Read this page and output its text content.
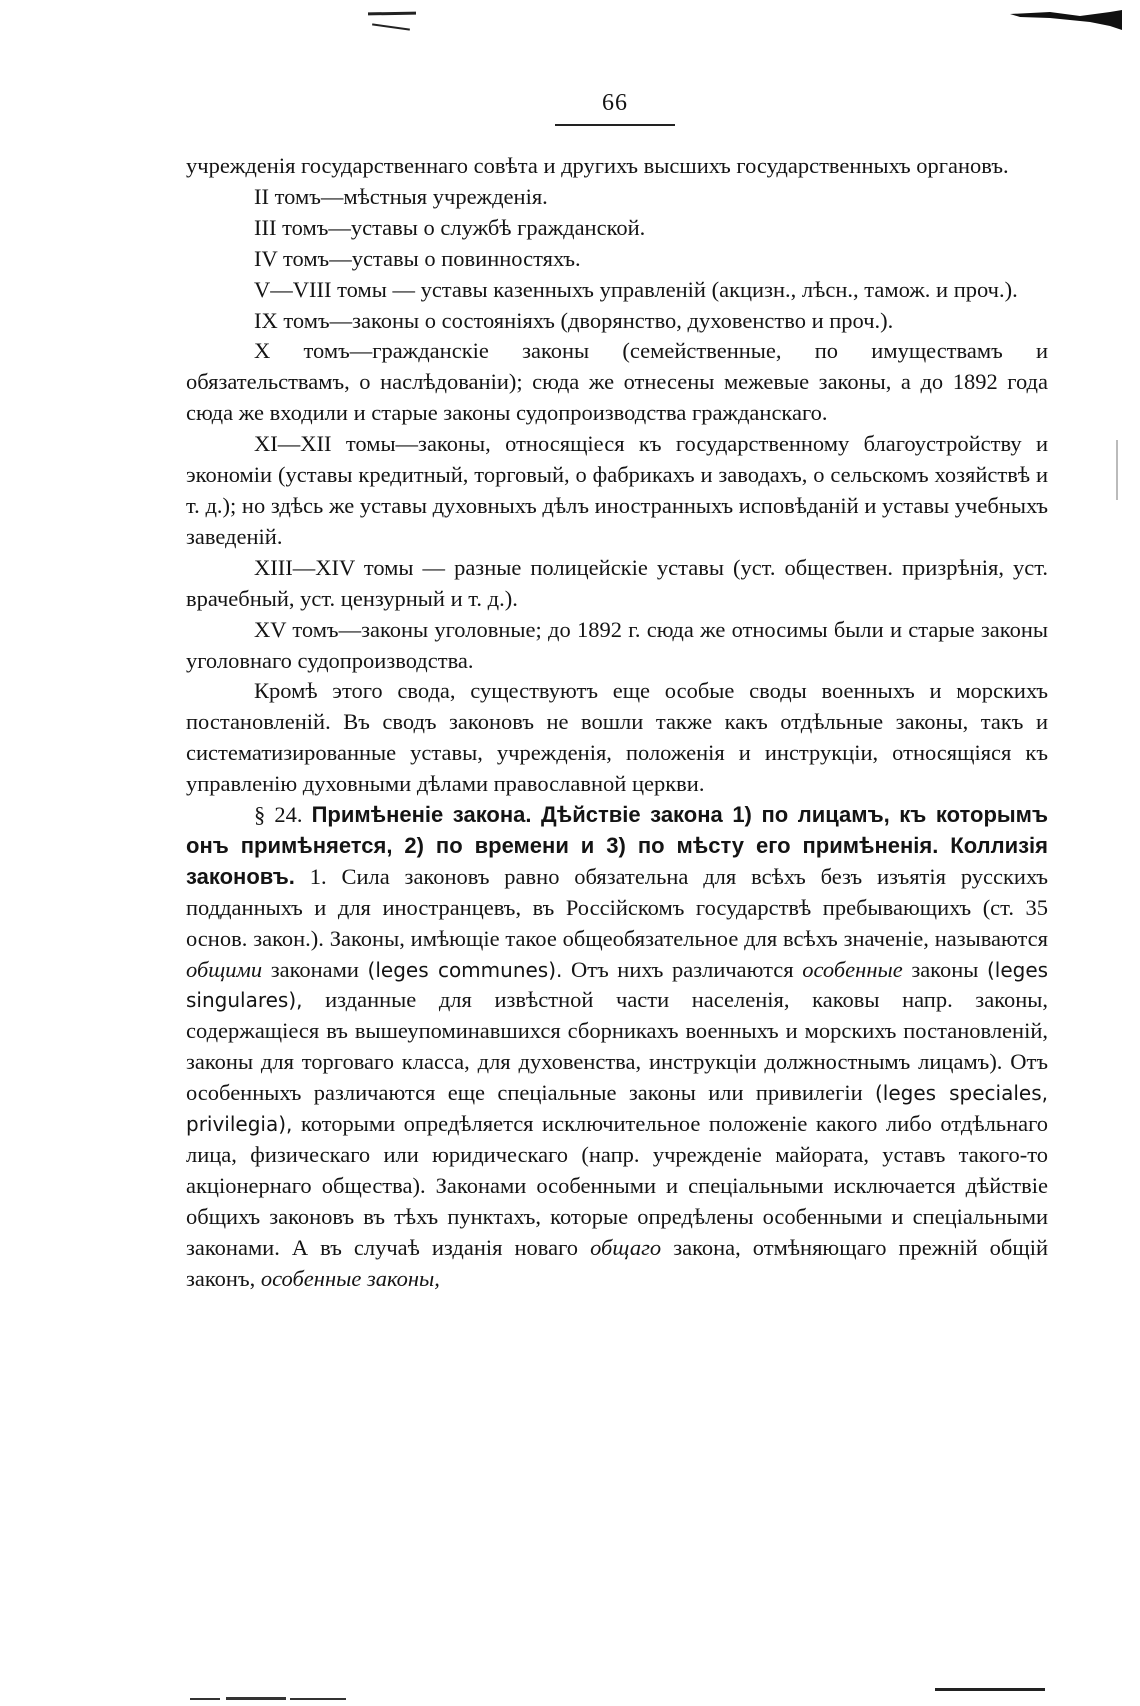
66

учрежденія государственнаго совѣта и другихъ высшихъ государственныхъ органовъ.

II томъ—мѣстныя учрежденія.

III томъ—уставы о службѣ гражданской.

IV томъ—уставы о повинностяхъ.

V—VIII томы — уставы казенныхъ управленій (акцизн., лѣсн., тамож. и проч.).

IX томъ—законы о состояніяхъ (дворянство, духовенство и проч.).

X томъ—гражданскіе законы (семейственные, по имуществамъ и обязательствамъ, о наслѣдованіи); сюда же отнесены межевые законы, а до 1892 года сюда же входили и старые законы судопроизводства гражданскаго.

XI—XII томы—законы, относящіеся къ государственному благоустройству и экономіи (уставы кредитный, торговый, о фабрикахъ и заводахъ, о сельскомъ хозяйствѣ и т. д.); но здѣсь же уставы духовныхъ дѣлъ иностранныхъ исповѣданій и уставы учебныхъ заведеній.

XIII—XIV томы — разные полицейскіе уставы (уст. обществен. призрѣнія, уст. врачебный, уст. цензурный и т. д.).

XV томъ—законы уголовные; до 1892 г. сюда же относимы были и старые законы уголовнаго судопроизводства.

Кромѣ этого свода, существуютъ еще особые своды военныхъ и морскихъ постановленій. Въ сводъ законовъ не вошли также какъ отдѣльные законы, такъ и систематизированные уставы, учрежденія, положенія и инструкціи, относящіяся къ управленію духовными дѣлами православной церкви.

§ 24. Примѣненіе закона. Дѣйствіе закона 1) по лицамъ, къ которымъ онъ примѣняется, 2) по времени и 3) по мѣсту его примѣненія. Коллизія законовъ. 1. Сила законовъ равно обязательна для всѣхъ безъ изъятія русскихъ подданныхъ и для иностранцевъ, въ Россійскомъ государствѣ пребывающихъ (ст. 35 основ. закон.). Законы, имѣющіе такое общеобязательное для всѣхъ значеніе, называются общими законами (leges communes). Отъ нихъ различаются особенные законы (leges singulares), изданные для извѣстной части населенія, каковы напр. законы, содержащіеся въ вышеупоминавшихся сборникахъ военныхъ и морскихъ постановленій, законы для торговаго класса, для духовенства, инструкціи должностнымъ лицамъ). Отъ особенныхъ различаются еще спеціальные законы или привилегіи (leges speciales, privilegia), которыми опредѣляется исключительное положеніе какого либо отдѣльнаго лица, физическаго или юридическаго (напр. учрежденіе майората, уставъ такого-то акціонернаго общества). Законами особенными и спеціальными исключается дѣйствіе общихъ законовъ въ тѣхъ пунктахъ, которые опредѣлены особенными и спеціальными законами. А въ случаѣ изданія новаго общаго закона, отмѣняющаго прежній общій законъ, особенные законы,
